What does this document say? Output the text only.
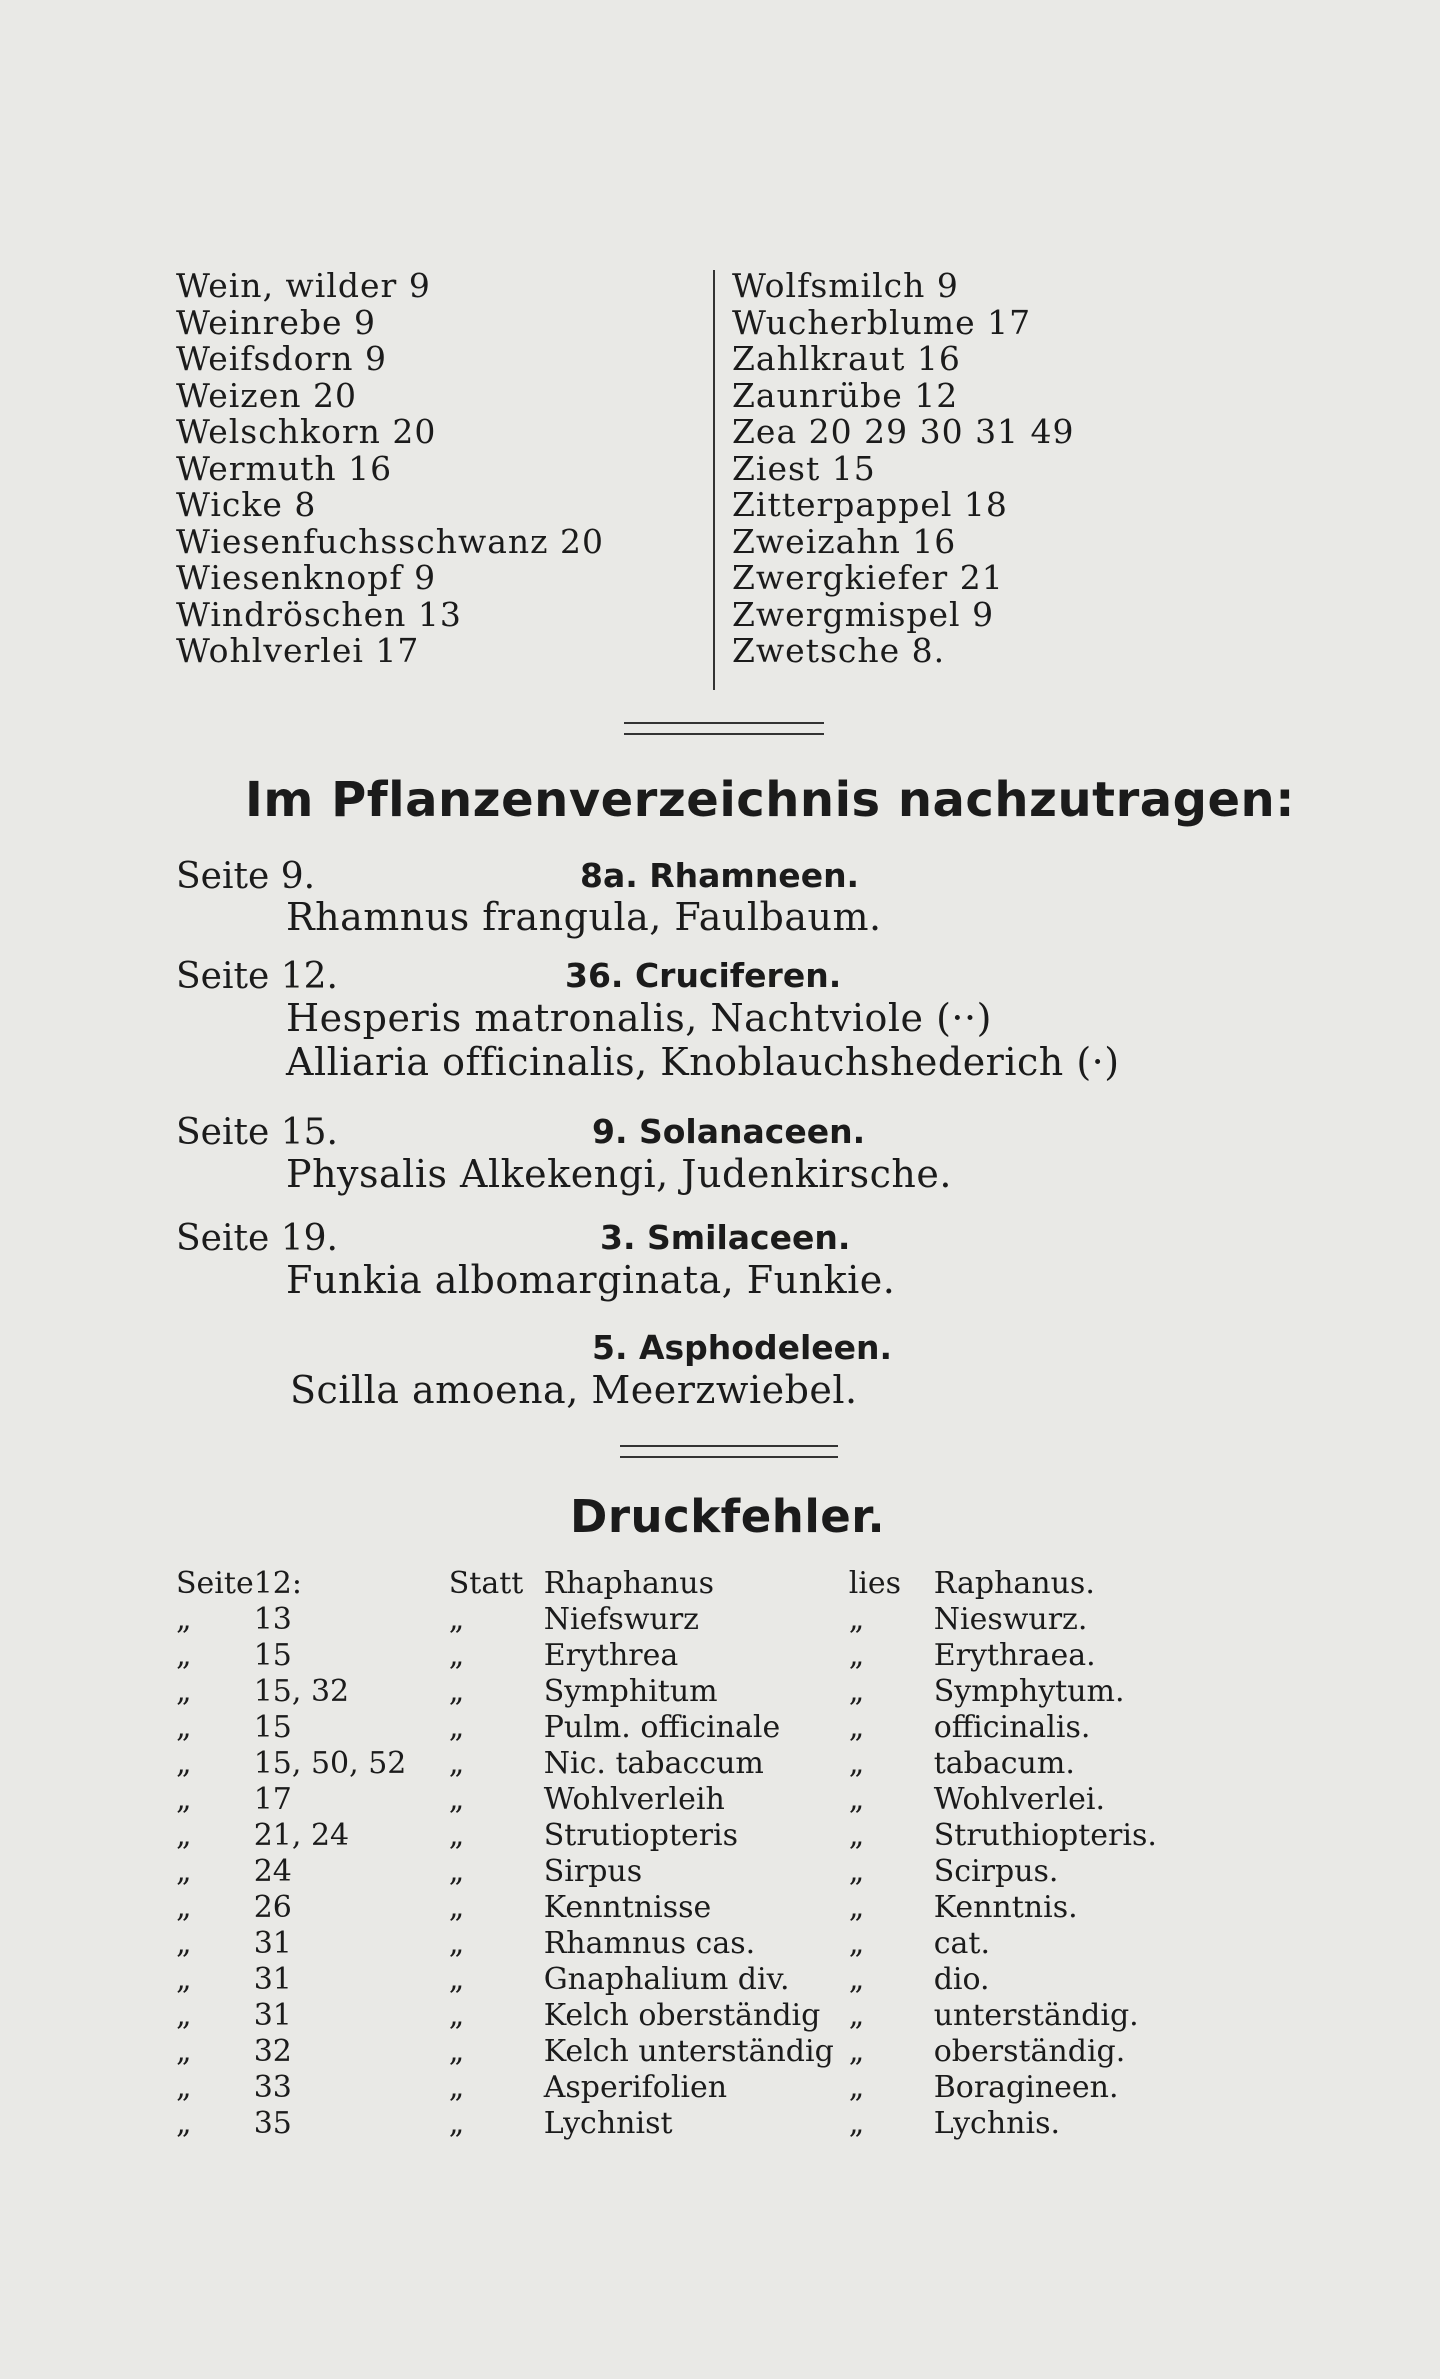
Wein, wilder 9
Weinrebe 9
Weifsdorn 9
Weizen 20
Welschkorn 20
Wermuth 16
Wicke 8
Wiesenfuchsschwanz 20
Wiesenknopf 9
Windröschen 13
Wohlverlei 17
Wolfsmilch 9
Wucherblume 17
Zahlkraut 16
Zaunrübe 12
Zea 20 29 30 31 49
Ziest 15
Zitterpappel 18
Zweizahn 16
Zwergkiefer 21
Zwergmispel 9
Zwetsche 8.
Im Pflanzenverzeichnis nachzutragen:
Seite 9.	8a. Rhamneen.
Rhamnus frangula, Faulbaum.
Seite 12.	36. Cruciferen.
Hesperis matronalis, Nachtviole (··)
Alliaria officinalis, Knoblauchshederich (·)
Seite 15.	9. Solanaceen.
Physalis Alkekengi, Judenkirsche.
Seite 19.	3. Smilaceen.
Funkia albomarginata, Funkie.
5. Asphodeleen.
Scilla amoena, Meerzwiebel.
Druckfehler.
Seite	12:	Statt	Rhaphanus	lies	Raphanus.
„	13	„	Niefswurz	„	Nieswurz.
„	15	„	Erythrea	„	Erythraea.
„	15, 32	„	Symphitum	„	Symphytum.
„	15	„	Pulm. officinale	„	officinalis.
„	15, 50, 52	„	Nic. tabaccum	„	tabacum.
„	17	„	Wohlverleih	„	Wohlverlei.
„	21, 24	„	Strutiopteris	„	Struthiopteris.
„	24	„	Sirpus	„	Scirpus.
„	26	„	Kenntnisse	„	Kenntnis.
„	31	„	Rhamnus cas.	„	cat.
„	31	„	Gnaphalium div.	„	dio.
„	31	„	Kelch oberständig	„	unterständig.
„	32	„	Kelch unterständig	„	oberständig.
„	33	„	Asperifolien	„	Boragineen.
„	35	„	Lychnist	„	Lychnis.
